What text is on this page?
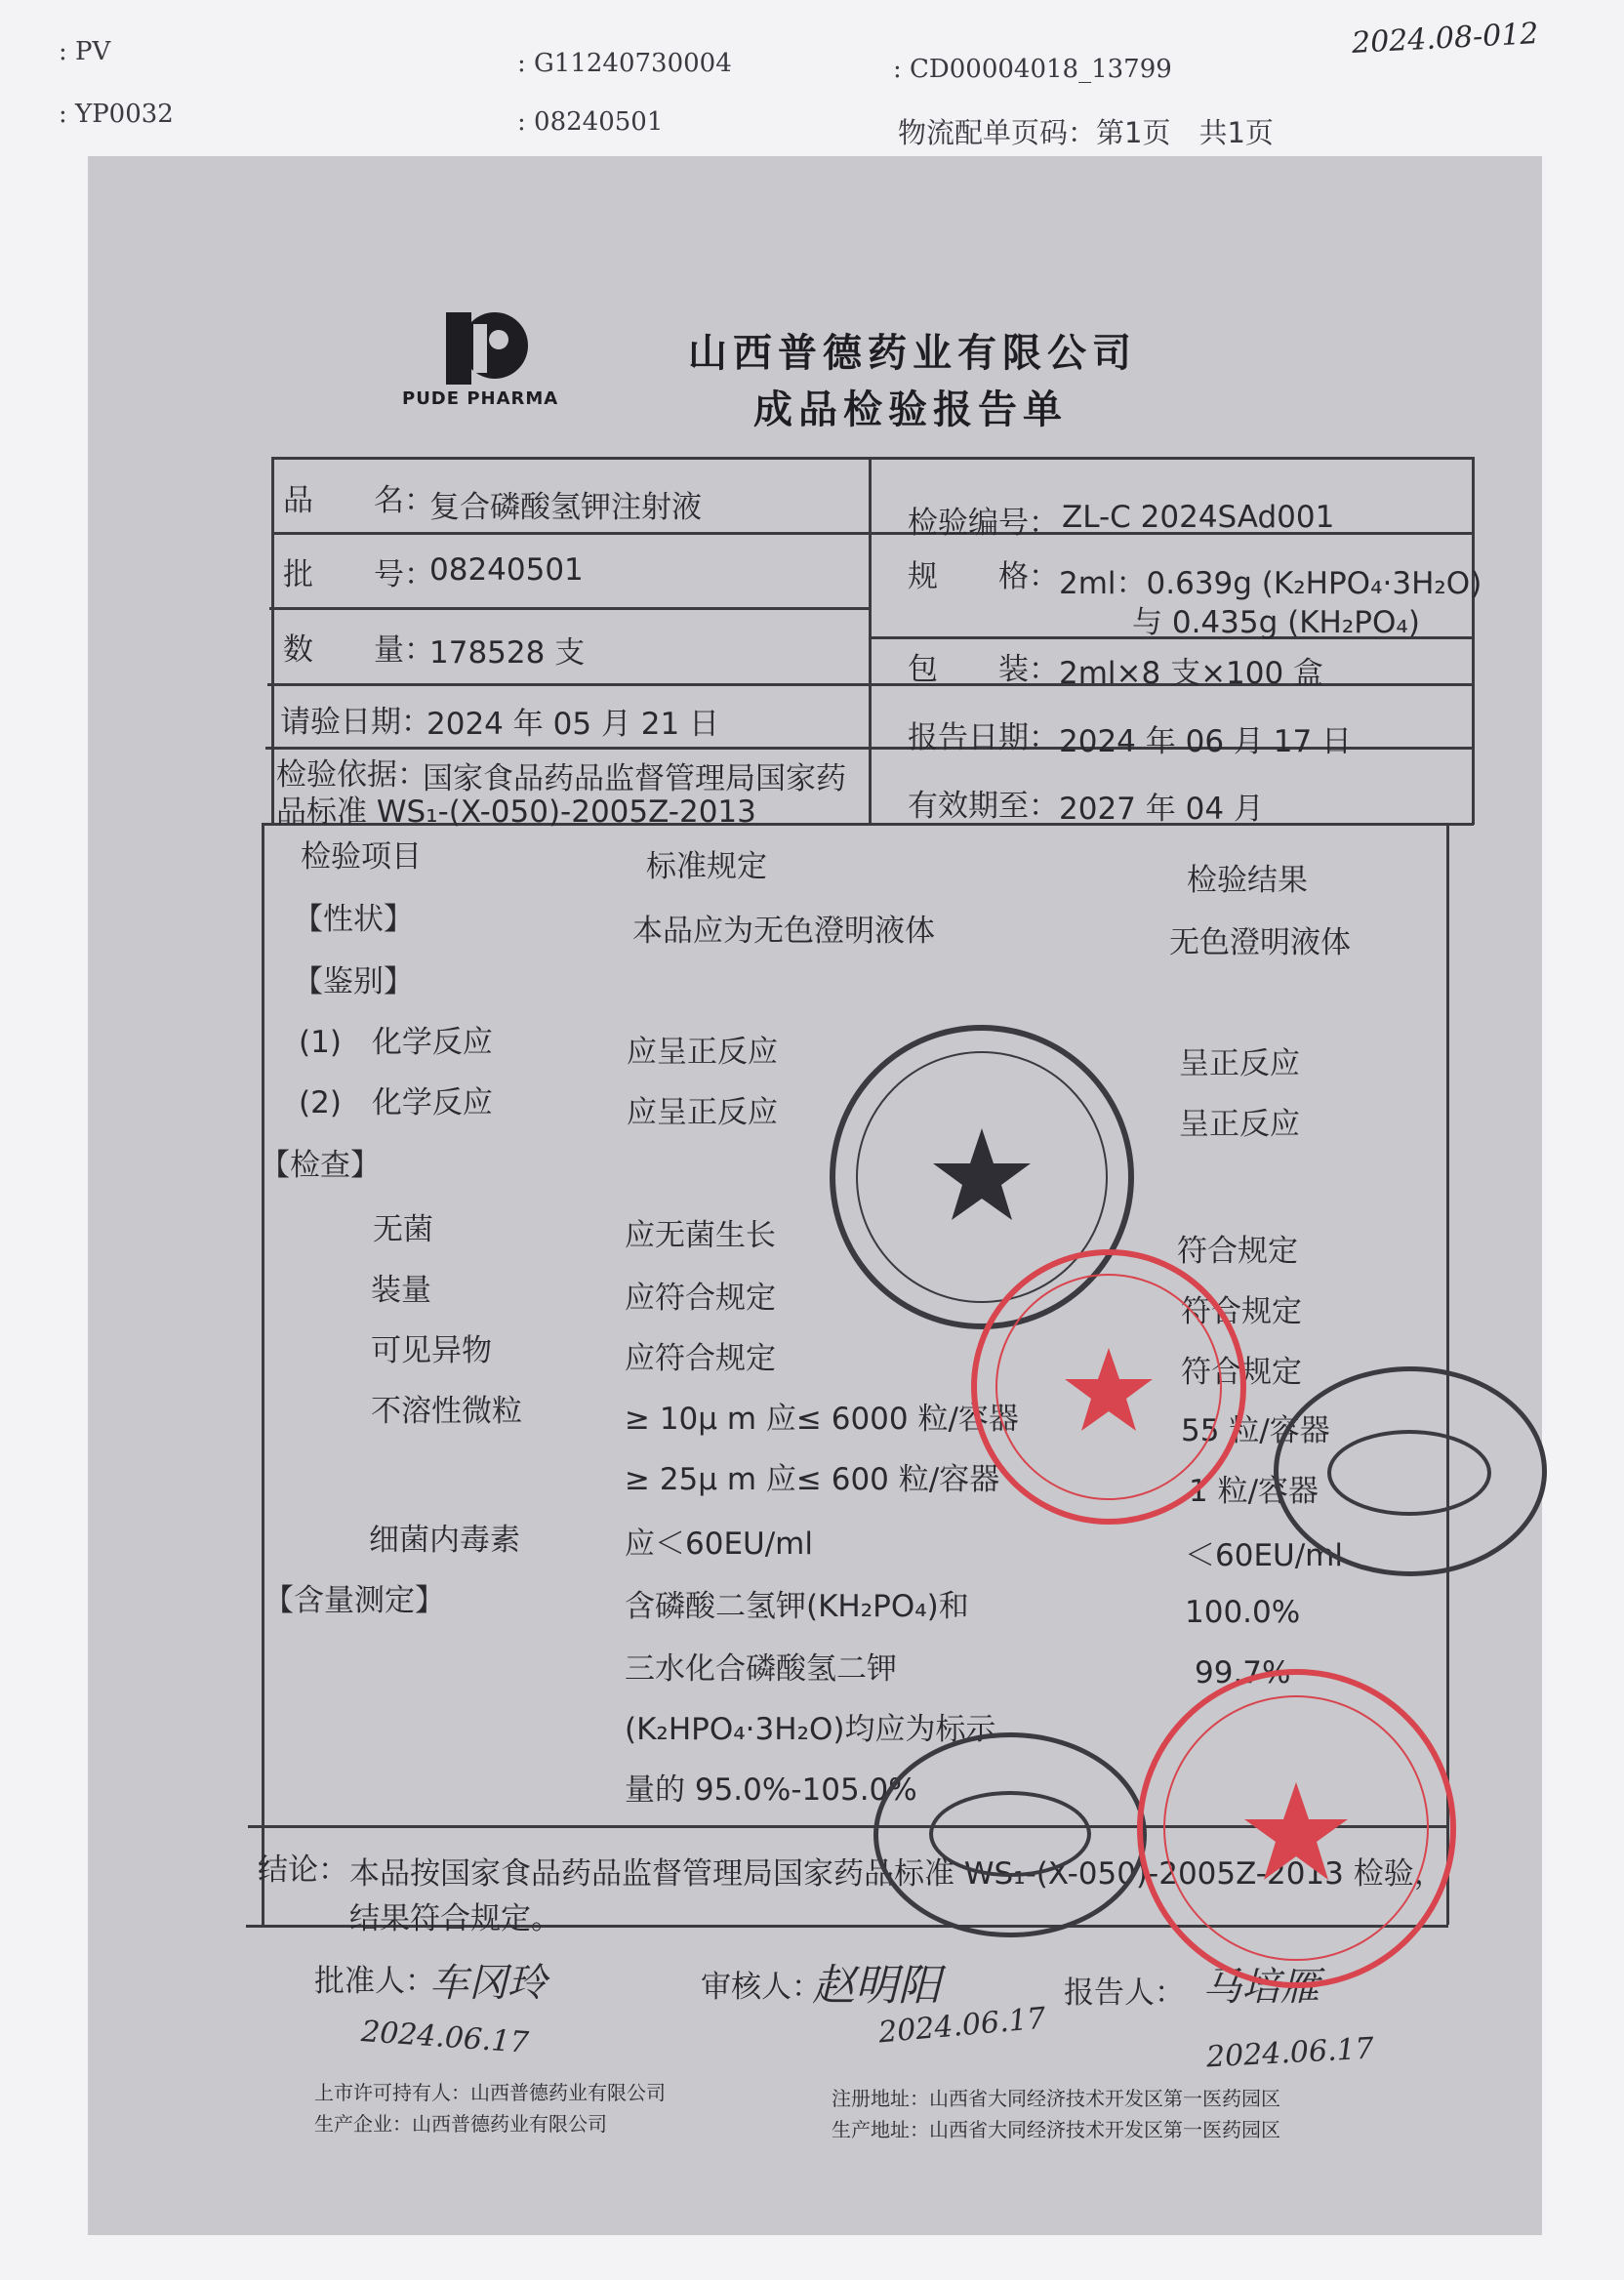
: PV
: YP0032
: G11240730004
: 08240501
: CD00004018_13799
物流配单页码：第1页　共1页
2024.08-012
PUDE PHARMA
山西普德药业有限公司
成品检验报告单
品　　名：
复合磷酸氢钾注射液	检验编号： ZL-C 2024SAd001
批　　号：
08240501	规　　格： 2ml：0.639g (K₂HPO₄·3H₂O)
与 0.435g (KH₂PO₄)
数　　量：
178528 支	包　　装： 2ml×8 支×100 盒
请验日期：
2024 年 05 月 21 日	报告日期： 2024 年 06 月 17 日
检验依据：
国家食品药品监督管理局国家药
品标准 WS₁-(X-050)-2005Z-2013	有效期至： 2027 年 04 月
检验项目	标准规定	检验结果
【性状】	本品应为无色澄明液体	无色澄明液体
【鉴别】
(1)　化学反应	应呈正反应	呈正反应
(2)　化学反应	应呈正反应	呈正反应
【检查】
无菌	应无菌生长	符合规定
装量	应符合规定	符合规定
可见异物	应符合规定	符合规定
不溶性微粒	≥ 10μ m 应≤ 6000 粒/容器	55 粒/容器
≥ 25μ m 应≤ 600 粒/容器	1 粒/容器
细菌内毒素	应＜60EU/ml	＜60EU/ml
【含量测定】	含磷酸二氢钾(KH₂PO₄)和	100.0%
三水化合磷酸氢二钾	99.7%
(K₂HPO₄·3H₂O)均应为标示
量的 95.0%-105.0%
结论： 本品按国家食品药品监督管理局国家药品标准 WS₁-(X-050)-2005Z-2013 检验，
结果符合规定。
批准人：
车冈玲
2024.06.17
审核人：
赵明阳
2024.06.17
报告人： 马培雁
2024.06.17
上市许可持有人：山西普德药业有限公司
生产企业：山西普德药业有限公司
注册地址：山西省大同经济技术开发区第一医药园区
生产地址：山西省大同经济技术开发区第一医药园区
